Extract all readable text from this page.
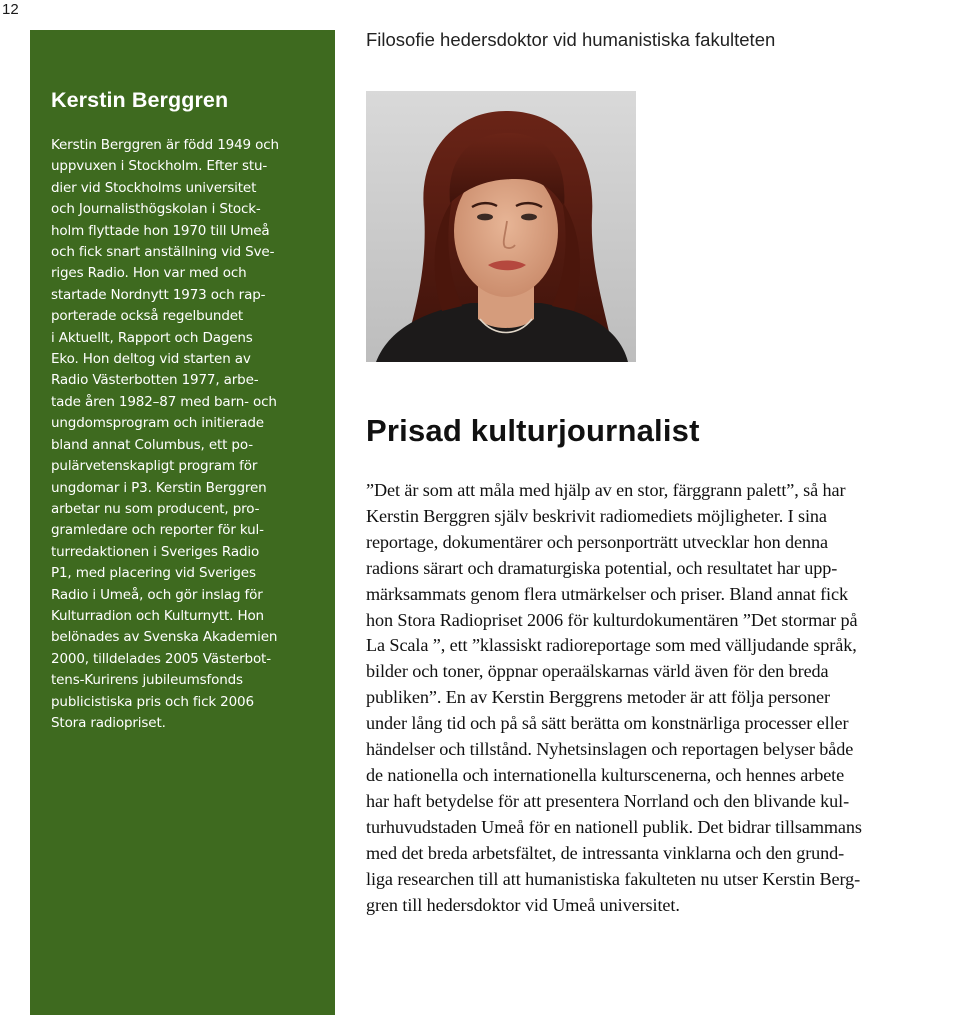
12
Kerstin Berggren
Kerstin Berggren är född 1949 och
uppvuxen i Stockholm. Efter stu-
dier vid Stockholms universitet
och Journalisthögskolan i Stock-
holm flyttade hon 1970 till Umeå
och fick snart anställning vid Sve-
riges Radio. Hon var med och
startade Nordnytt 1973 och rap-
porterade också regelbundet
i Aktuellt, Rapport och Dagens
Eko. Hon deltog vid starten av
Radio Västerbotten 1977, arbe-
tade åren 1982–87 med barn- och
ungdomsprogram och initierade
bland annat Columbus, ett po-
pulärvetenskapligt program för
ungdomar i P3. Kerstin Berggren
arbetar nu som producent, pro-
gramledare och reporter för kul-
turredaktionen i Sveriges Radio
P1, med placering vid Sveriges
Radio i Umeå, och gör inslag för
Kulturradion och Kulturnytt. Hon
belönades av Svenska Akademien
2000, tilldelades 2005 Västerbot-
tens-Kurirens jubileumsfonds
publicistiska pris och fick 2006
Stora radiopriset.
Filosofie hedersdoktor vid humanistiska fakulteten
Prisad kulturjournalist
”Det är som att måla med hjälp av en stor, färggrann palett”, så har
Kerstin Berggren själv beskrivit radiomediets möjligheter. I sina
reportage, dokumentärer och personporträtt utvecklar hon denna
radions särart och dramaturgiska potential, och resultatet har upp-
märksammats genom flera utmärkelser och priser. Bland annat fick
hon Stora Radiopriset 2006 för kulturdokumentären ”Det stormar på
La Scala ”, ett ”klassiskt radioreportage som med välljudande språk,
bilder och toner, öppnar operaälskarnas värld även för den breda
publiken”. En av Kerstin Berggrens metoder är att följa personer
under lång tid och på så sätt berätta om konstnärliga processer eller
händelser och tillstånd. Nyhetsinslagen och reportagen belyser både
de nationella och internationella kulturscenerna, och hennes arbete
har haft betydelse för att presentera Norrland och den blivande kul-
turhuvudstaden Umeå för en nationell publik. Det bidrar tillsammans
med det breda arbetsfältet, de intressanta vinklarna och den grund-
liga researchen till att humanistiska fakulteten nu utser Kerstin Berg-
gren till hedersdoktor vid Umeå universitet.
